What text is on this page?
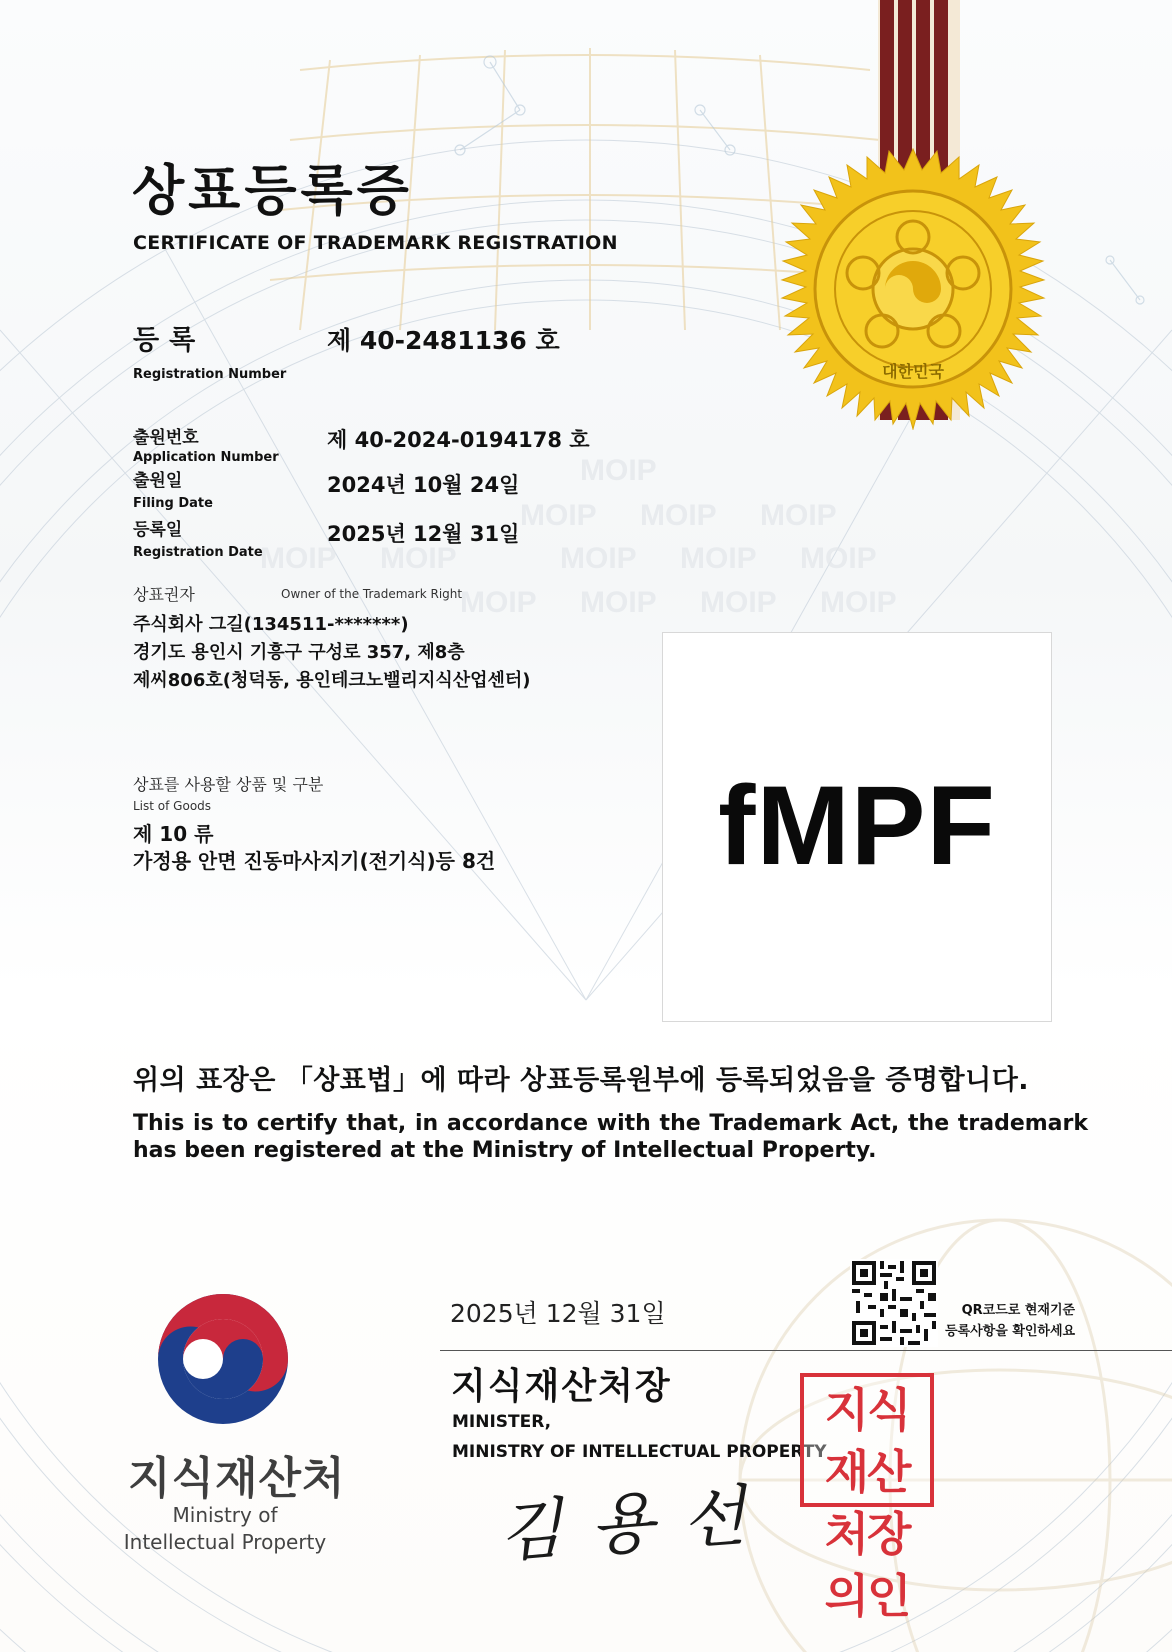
MOIP
MOIP MOIP MOIP
MOIP MOIP	MOIP MOIP MOIP
MOIP MOIP MOIP MOIP
대한민국
상표등록증
CERTIFICATE OF TRADEMARK REGISTRATION
등록
Registration Number
제 40-2481136 호
출원번호
Application Number
제 40-2024-0194178 호
출원일
Filing Date
2024년 10월 24일
등록일
Registration Date
2025년 12월 31일
상표권자	Owner of the Trademark Right
주식회사 그길(134511-*******)
경기도 용인시 기흥구 구성로 357, 제8층
제씨806호(청덕동, 용인테크노밸리지식산업센터)
상표를 사용할 상품 및 구분
List of Goods
제 10 류
가정용 안면 진동마사지기(전기식)등 8건	fMPF
위의 표장은 「상표법」에 따라 상표등록원부에 등록되었음을 증명합니다.
This is to certify that, in accordance with the Trademark Act, the trademark has been registered at the Ministry of Intellectual Property.
지식재산처
Ministry of Intellectual Property
2025년 12월 31일	QR코드로 현재기준
등록사항을 확인하세요
지식재산처장
MINISTER,
MINISTRY OF INTELLECTUAL PROPERTY
김용선
지식재산처장의인
